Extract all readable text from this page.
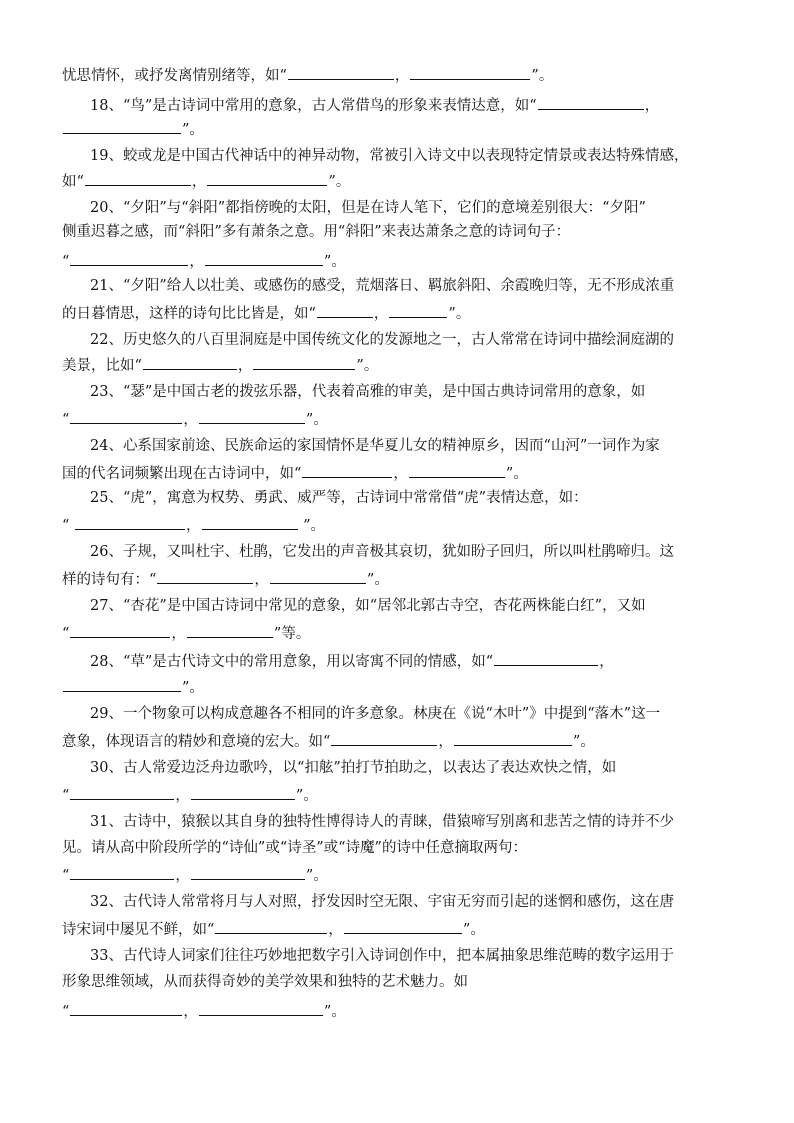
忧思情怀，或抒发离情别绪等，如“	，	”。
18、“鸟”是古诗词中常用的意象，古人常借鸟的形象来表情达意，如“	，
”。
19、蛟或龙是中国古代神话中的神异动物，常被引入诗文中以表现特定情景或表达特殊情感，
如“	，	”。
20、“夕阳”与“斜阳”都指傍晚的太阳，但是在诗人笔下，它们的意境差别很大：“夕阳”
侧重迟暮之感，而“斜阳”多有萧条之意。用“斜阳”来表达萧条之意的诗词句子：
“	，	”。
21、“夕阳”给人以壮美、或感伤的感受，荒烟落日、羁旅斜阳、余霞晚归等，无不形成浓重
的日暮情思，这样的诗句比比皆是，如“	，	”。
22、历史悠久的八百里洞庭是中国传统文化的发源地之一，古人常常在诗词中描绘洞庭湖的
美景，比如“	，	”。
23、“瑟”是中国古老的拨弦乐器，代表着高雅的审美，是中国古典诗词常用的意象，如
“	，	”。
24、心系国家前途、民族命运的家国情怀是华夏儿女的精神原乡，因而“山河”一词作为家
国的代名词频繁出现在古诗词中，如“	，	”。
25、“虎”，寓意为权势、勇武、威严等，古诗词中常常借“虎”表情达意，如：
“	，	”。
26、子规，又叫杜宇、杜鹃，它发出的声音极其哀切，犹如盼子回归，所以叫杜鹃啼归。这
样的诗句有：“	，	”。
27、“杏花”是中国古诗词中常见的意象，如“居邻北郭古寺空，杏花两株能白红”，又如
“	，	”等。
28、“草”是古代诗文中的常用意象，用以寄寓不同的情感，如“	，
”。
29、一个物象可以构成意趣各不相同的许多意象。林庚在《说“木叶”》中提到“落木”这一
意象，体现语言的精妙和意境的宏大。如“	，	”。
30、古人常爱边泛舟边歌吟，以“扣舷”拍打节拍助之，以表达了表达欢快之情，如
“	，	”。
31、古诗中，猿猴以其自身的独特性博得诗人的青睐，借猿啼写别离和悲苦之情的诗并不少
见。请从高中阶段所学的“诗仙”或“诗圣”或“诗魔”的诗中任意摘取两句：
“	，	”。
32、古代诗人常常将月与人对照，抒发因时空无限、宇宙无穷而引起的迷惘和感伤，这在唐
诗宋词中屡见不鲜，如“	，	”。
33、古代诗人词家们往往巧妙地把数字引入诗词创作中，把本属抽象思维范畴的数字运用于
形象思维领域，从而获得奇妙的美学效果和独特的艺术魅力。如
“	，	”。
